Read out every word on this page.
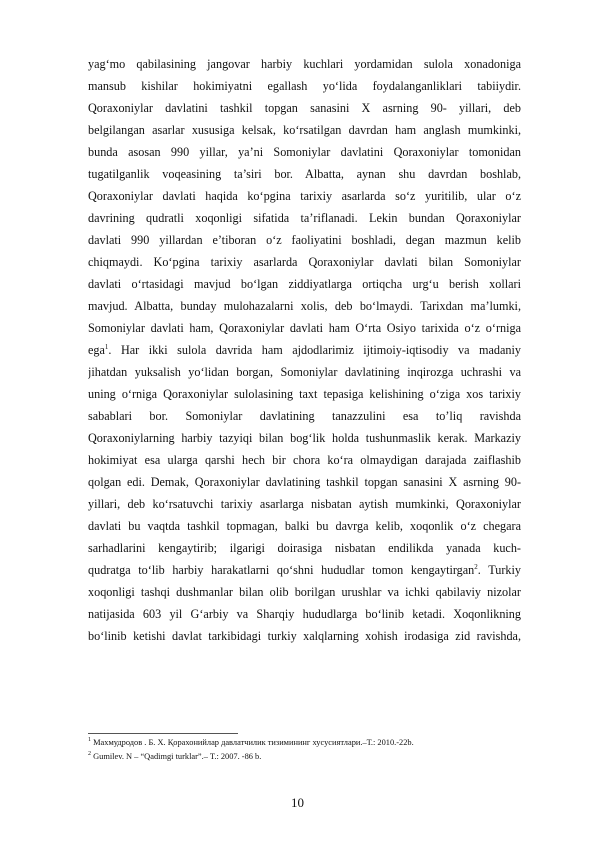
yag‘mo qabilasining jangovar harbiy kuchlari yordamidan sulola xonadoniga
mansub kishilar hokimiyatni egallash yo‘lida foydalanganliklari tabiiydir.
Qoraxoniylar davlatini tashkil topgan sanasini X asrning 90- yillari, deb
belgilangan asarlar xususiga kelsak, ko‘rsatilgan davrdan ham anglash mumkinki,
bunda asosan 990 yillar, ya’ni Somoniylar davlatini Qoraxoniylar tomonidan
tugatilganlik voqeasining ta’siri bor. Albatta, aynan shu davrdan boshlab,
Qoraxoniylar davlati haqida ko‘pgina tarixiy asarlarda so‘z yuritilib, ular o‘z
davrining qudratli xoqonligi sifatida ta’riflanadi. Lekin bundan Qoraxoniylar
davlati 990 yillardan e’tiboran o‘z faoliyatini boshladi, degan mazmun kelib
chiqmaydi. Ko‘pgina tarixiy asarlarda Qoraxoniylar davlati bilan Somoniylar
davlati o‘rtasidagi mavjud bo‘lgan ziddiyatlarga ortiqcha urg‘u berish xollari
mavjud. Albatta, bunday mulohazalarni xolis, deb bo‘lmaydi. Tarixdan ma’lumki,
Somoniylar davlati ham, Qoraxoniylar davlati ham O‘rta Osiyo tarixida o‘z o‘rniga
ega$^1$. Har ikki sulola davrida ham ajdodlarimiz ijtimoiy-iqtisodiy va madaniy
jihatdan yuksalish yo‘lidan borgan, Somoniylar davlatining inqirozga uchrashi va
uning o‘rniga Qoraxoniylar sulolasining taxt tepasiga kelishining o‘ziga xos tarixiy
sabablari bor. Somoniylar davlatining tanazzulini esa to’liq ravishda
Qoraxoniylarning harbiy tazyiqi bilan bog‘lik holda tushunmaslik kerak. Markaziy
hokimiyat esa ularga qarshi hech bir chora ko‘ra olmaydigan darajada zaiflashib
qolgan edi. Demak, Qoraxoniylar davlatining tashkil topgan sanasini X asrning 90-
yillari, deb ko‘rsatuvchi tarixiy asarlarga nisbatan aytish mumkinki, Qoraxoniylar
davlati bu vaqtda tashkil topmagan, balki bu davrga kelib, xoqonlik o‘z chegara
sarhadlarini kengaytirib; ilgarigi doirasiga nisbatan endilikda yanada kuch-
qudratga to‘lib harbiy harakatlarni qo‘shni hududlar tomon kengaytirgan$^2$. Turkiy
xoqonligi tashqi dushmanlar bilan olib borilgan urushlar va ichki qabilaviy nizolar
natijasida 603 yil G‘arbiy va Sharqiy hududlarga bo‘linib ketadi. Xoqonlikning
bo‘linib ketishi davlat tarkibidagi turkiy xalqlarning xohish irodasiga zid ravishda,
$^1$ Махмудродов . Б. Х. Қорахонийлар давлатчилик тизимининг хусусиятлари.–Т.: 2010.-22b.
$^2$ Gumilev. N – “Qadimgi turklar”.– T.: 2007. -86 b.
10
